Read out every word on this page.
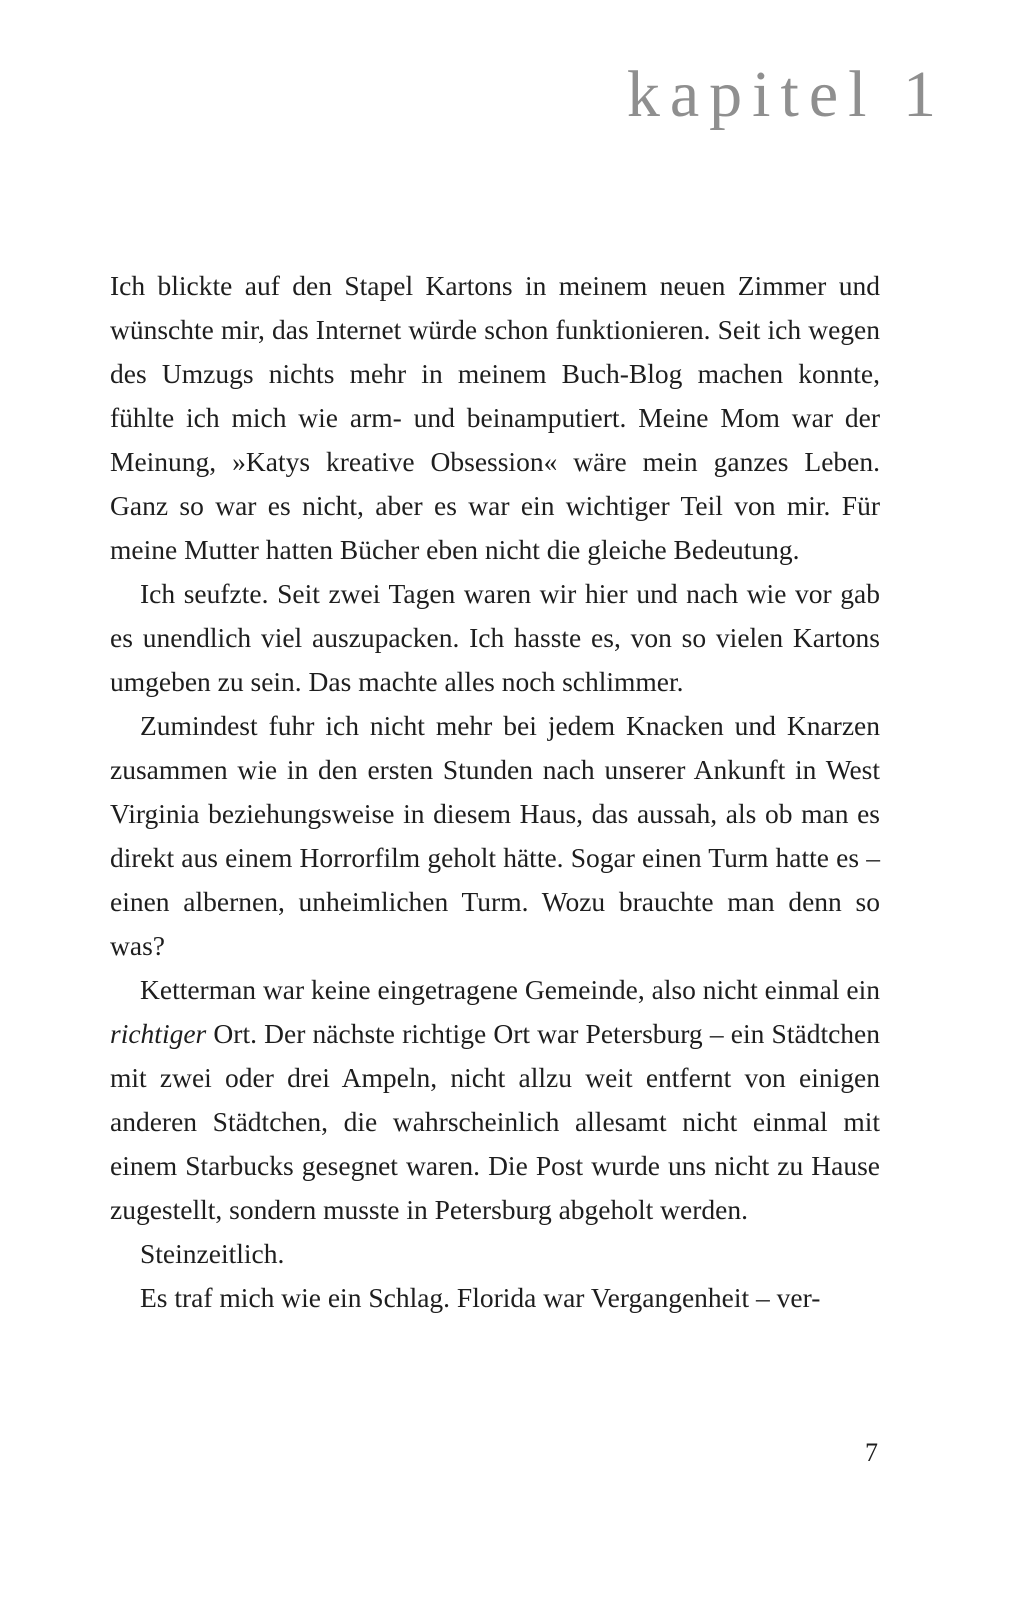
kapitel 1

Ich blickte auf den Stapel Kartons in meinem neuen Zimmer und wünschte mir, das Internet würde schon funktionieren. Seit ich wegen des Umzugs nichts mehr in meinem Buch-Blog machen konnte, fühlte ich mich wie arm- und beinamputiert. Meine Mom war der Meinung, »Katys kreative Obsession« wäre mein ganzes Leben. Ganz so war es nicht, aber es war ein wichtiger Teil von mir. Für meine Mutter hatten Bücher eben nicht die gleiche Bedeutung.

Ich seufzte. Seit zwei Tagen waren wir hier und nach wie vor gab es unendlich viel auszupacken. Ich hasste es, von so vielen Kartons umgeben zu sein. Das machte alles noch schlimmer.

Zumindest fuhr ich nicht mehr bei jedem Knacken und Knarzen zusammen wie in den ersten Stunden nach unserer Ankunft in West Virginia beziehungsweise in diesem Haus, das aussah, als ob man es direkt aus einem Horrorfilm geholt hätte. Sogar einen Turm hatte es – einen albernen, unheimlichen Turm. Wozu brauchte man denn so was?

Ketterman war keine eingetragene Gemeinde, also nicht einmal ein richtiger Ort. Der nächste richtige Ort war Petersburg – ein Städtchen mit zwei oder drei Ampeln, nicht allzu weit entfernt von einigen anderen Städtchen, die wahrscheinlich allesamt nicht einmal mit einem Starbucks gesegnet waren. Die Post wurde uns nicht zu Hause zugestellt, sondern musste in Petersburg abgeholt werden.

Steinzeitlich.

Es traf mich wie ein Schlag. Florida war Vergangenheit – ver-

7
